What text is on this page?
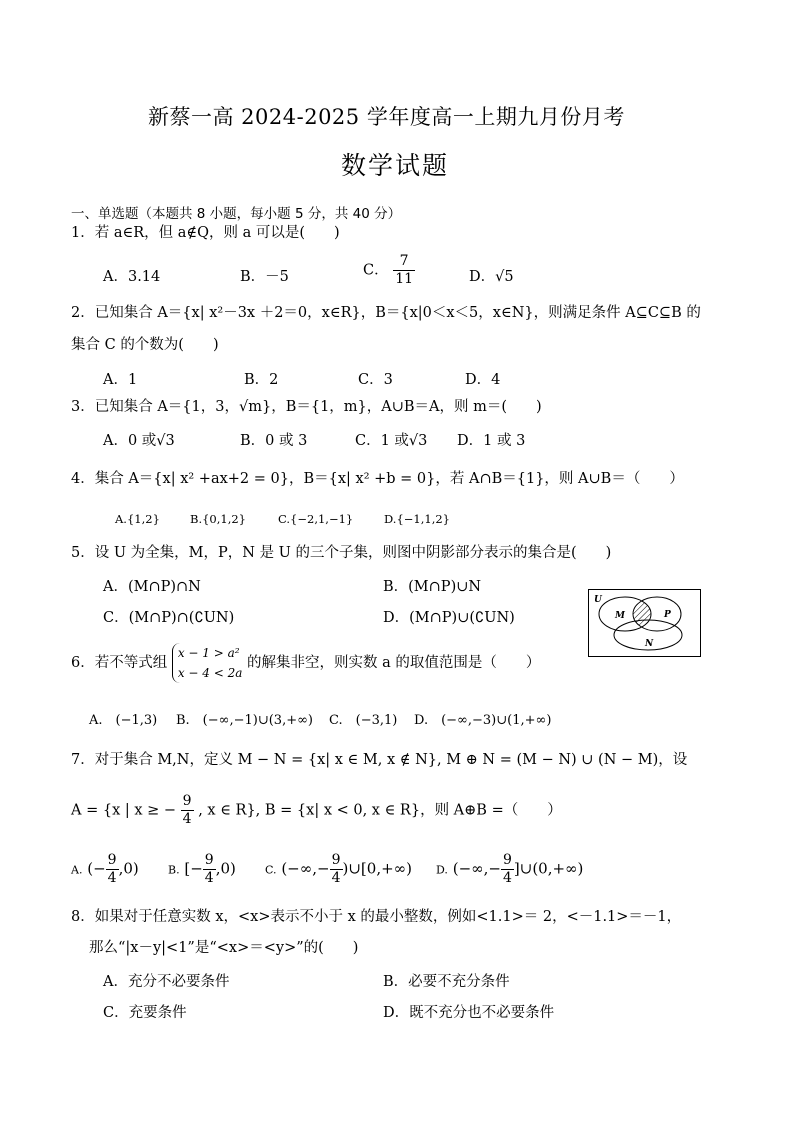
新蔡一高 2024-2025 学年度高一上期九月份月考
数学试题
一、单选题（本题共 8 小题，每小题 5 分，共 40 分）
1．若 a∈R，但 a∉Q，则 a 可以是(　　)
A．3.14	B．－5	C． $\frac{7}{11}$	D．√5
2．已知集合 A＝{x| x²－3x ＋2＝0，x∈R}，B＝{x|0＜x＜5，x∈N}，则满足条件 A⊆C⊆B 的
集合 C 的个数为(　　)
A．1	B．2	C．3	D．4
3．已知集合 A＝{1，3，√m}，B＝{1，m}，A∪B＝A，则 m＝(　　)
A．0 或√3	B．0 或 3	C．1 或√3 D．1 或 3
4．集合 A＝{x| x² +ax+2 = 0}，B＝{x| x² +b = 0}，若 A∩B＝{1}，则 A∪B＝（　　）
A.{1,2}	B.{0,1,2}	C.{−2,1,−1}	D.{−1,1,2}
5．设 U 为全集，M，P，N 是 U 的三个子集，则图中阴影部分表示的集合是(　　)
A．(M∩P)∩N	B．(M∩P)∪N
C．(M∩P)∩(∁UN)	D．(M∩P)∪(∁UN)
U
M	P
N
6．若不等式组
x − 1 > a²
x − 4 < 2a
的解集非空，则实数 a 的取值范围是（　　）
A.　(−1,3) B.　(−∞,−1)∪(3,+∞) C.　(−3,1) D.　(−∞,−3)∪(1,+∞)
7．对于集合 M,N，定义 M − N = {x| x ∈ M, x ∉ N}, M ⊕ N = (M − N) ∪ (N − M)，设
A = {x | x ≥ − $\frac{9}{4}$ , x ∈ R}, B = {x| x < 0, x ∈ R}，则 A⊕B =（　　）
A. (− $\frac{9}{4} ,0$)	B. [− $\frac{9}{4} ,0$)	C. (−∞,− $\frac{9}{4}$ )∪[0,+∞) D. (−∞,− $\frac{9}{4}$ ]∪(0,+∞)
8．如果对于任意实数 x，<x>表示不小于 x 的最小整数，例如<1.1>＝ 2，<－1.1>＝－1，
那么“|x－y|<1”是“<x>＝<y>”的(　　)
A．充分不必要条件	B．必要不充分条件
C．充要条件	D．既不充分也不必要条件
